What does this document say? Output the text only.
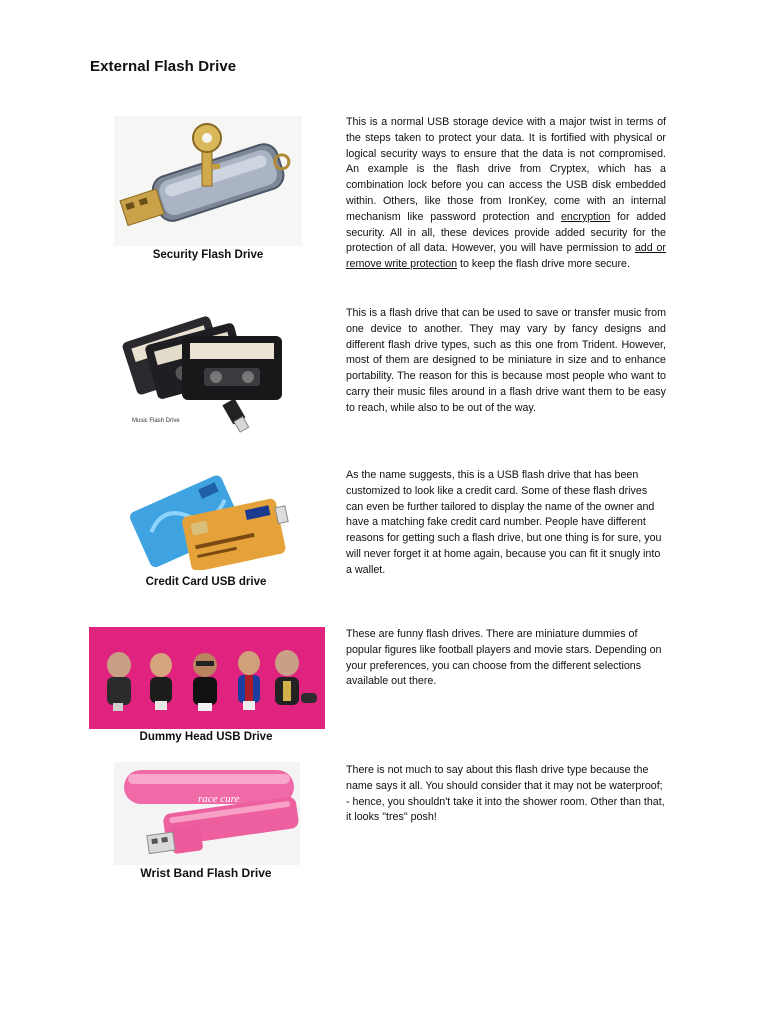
External Flash Drive
Security Flash Drive

This is a normal USB storage device with a major twist in terms of the steps taken to protect your data. It is fortified with physical or logical security ways to ensure that the data is not compromised. An example is the flash drive from Cryptex, which has a combination lock before you can access the USB disk embedded within. Others, like those from IronKey, come with an internal mechanism like password protection and encryption for added security. All in all, these devices provide added security for the protection of all data. However, you will have permission to add or remove write protection to keep the flash drive more secure.

Music Flash Drive

This is a flash drive that can be used to save or transfer music from one device to another. They may vary by fancy designs and different flash drive types, such as this one from Trident. However, most of them are designed to be miniature in size and to enhance portability. The reason for this is because most people who want to carry their music files around in a flash drive want them to be easy to reach, while also to be out of the way.

Credit Card USB drive

As the name suggests, this is a USB flash drive that has been customized to look like a credit card. Some of these flash drives can even be further tailored to display the name of the owner and have a matching fake credit card number. People have different reasons for getting such a flash drive, but one thing is for sure, you will never forget it at home again, because you can fit it snugly into a wallet.

Dummy Head USB Drive

These are funny flash drives. There are miniature dummies of popular figures like football players and movie stars. Depending on your preferences, you can choose from the different selections available out there.

race cure
Wrist Band Flash Drive

There is not much to say about this flash drive type because the name says it all. You should consider that it may not be waterproof; - hence, you shouldn't take it into the shower room. Other than that, it looks "tres" posh!
